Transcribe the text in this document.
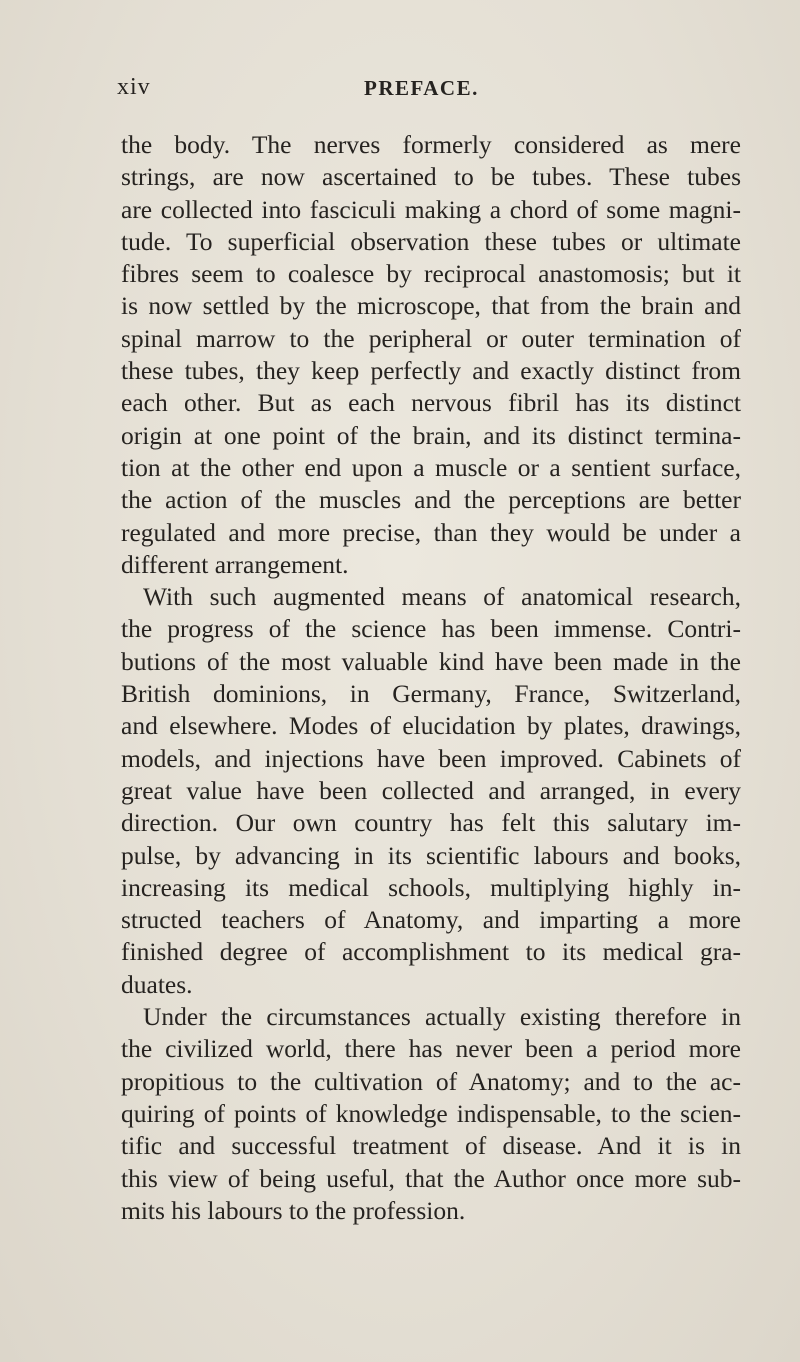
xiv	PREFACE.
the body. The nerves formerly considered as mere
strings, are now ascertained to be tubes. These tubes
are collected into fasciculi making a chord of some magni-
tude. To superficial observation these tubes or ultimate
fibres seem to coalesce by reciprocal anastomosis; but it
is now settled by the microscope, that from the brain and
spinal marrow to the peripheral or outer termination of
these tubes, they keep perfectly and exactly distinct from
each other. But as each nervous fibril has its distinct
origin at one point of the brain, and its distinct termina-
tion at the other end upon a muscle or a sentient surface,
the action of the muscles and the perceptions are better
regulated and more precise, than they would be under a
different arrangement.
With such augmented means of anatomical research,
the progress of the science has been immense. Contri-
butions of the most valuable kind have been made in the
British dominions, in Germany, France, Switzerland,
and elsewhere. Modes of elucidation by plates, drawings,
models, and injections have been improved. Cabinets of
great value have been collected and arranged, in every
direction. Our own country has felt this salutary im-
pulse, by advancing in its scientific labours and books,
increasing its medical schools, multiplying highly in-
structed teachers of Anatomy, and imparting a more
finished degree of accomplishment to its medical gra-
duates.
Under the circumstances actually existing therefore in
the civilized world, there has never been a period more
propitious to the cultivation of Anatomy; and to the ac-
quiring of points of knowledge indispensable, to the scien-
tific and successful treatment of disease. And it is in
this view of being useful, that the Author once more sub-
mits his labours to the profession.
